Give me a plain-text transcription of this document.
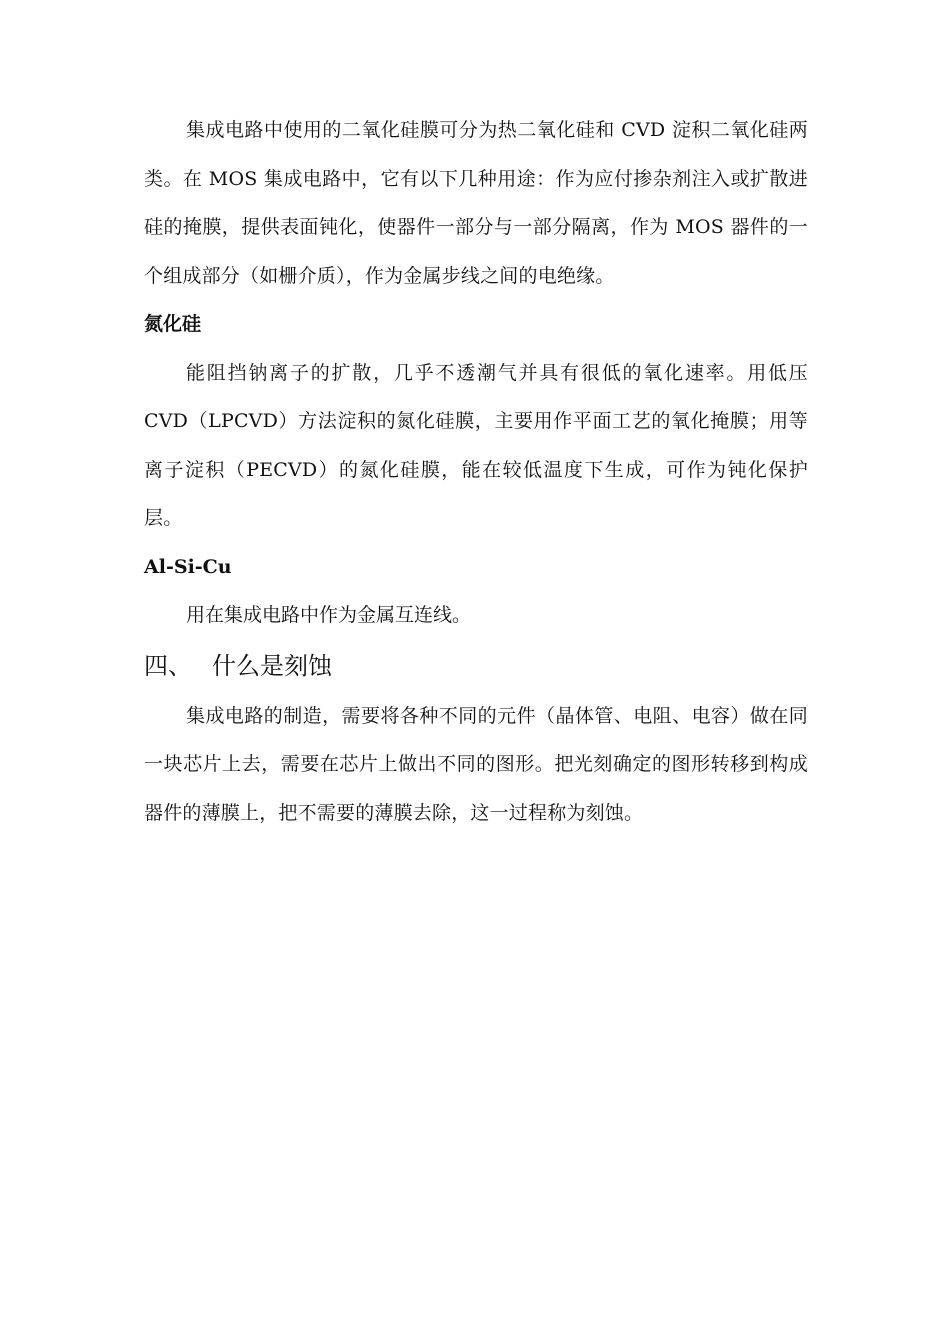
集成电路中使用的二氧化硅膜可分为热二氧化硅和 CVD 淀积二氧化硅两类。在 MOS 集成电路中，它有以下几种用途：作为应付掺杂剂注入或扩散进硅的掩膜，提供表面钝化，使器件一部分与一部分隔离，作为 MOS 器件的一个组成部分（如栅介质），作为金属步线之间的电绝缘。

氮化硅

能阻挡钠离子的扩散，几乎不透潮气并具有很低的氧化速率。用低压 CVD（LPCVD）方法淀积的氮化硅膜，主要用作平面工艺的氧化掩膜；用等离子淀积（PECVD）的氮化硅膜，能在较低温度下生成，可作为钝化保护层。

Al-Si-Cu

用在集成电路中作为金属互连线。

四、 什么是刻蚀

集成电路的制造，需要将各种不同的元件（晶体管、电阻、电容）做在同一块芯片上去，需要在芯片上做出不同的图形。把光刻确定的图形转移到构成器件的薄膜上，把不需要的薄膜去除，这一过程称为刻蚀。
